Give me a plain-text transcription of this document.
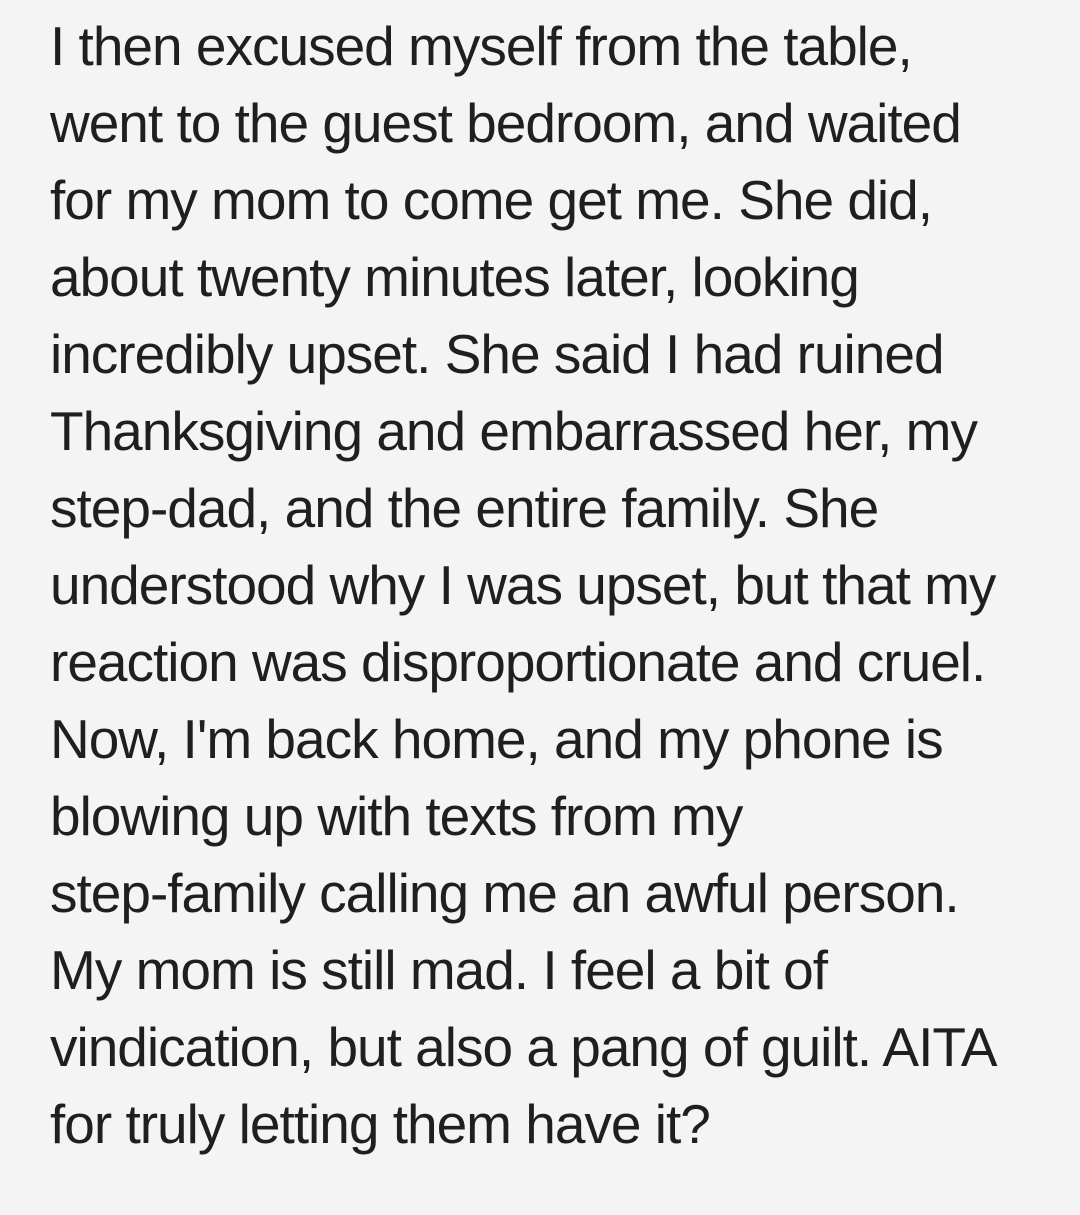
I then excused myself from the table,
went to the guest bedroom, and waited
for my mom to come get me. She did,
about twenty minutes later, looking
incredibly upset. She said I had ruined
Thanksgiving and embarrassed her, my
step-dad, and the entire family. She
understood why I was upset, but that my
reaction was disproportionate and cruel.
Now, I'm back home, and my phone is
blowing up with texts from my
step-family calling me an awful person.
My mom is still mad. I feel a bit of
vindication, but also a pang of guilt. AITA
for truly letting them have it?
